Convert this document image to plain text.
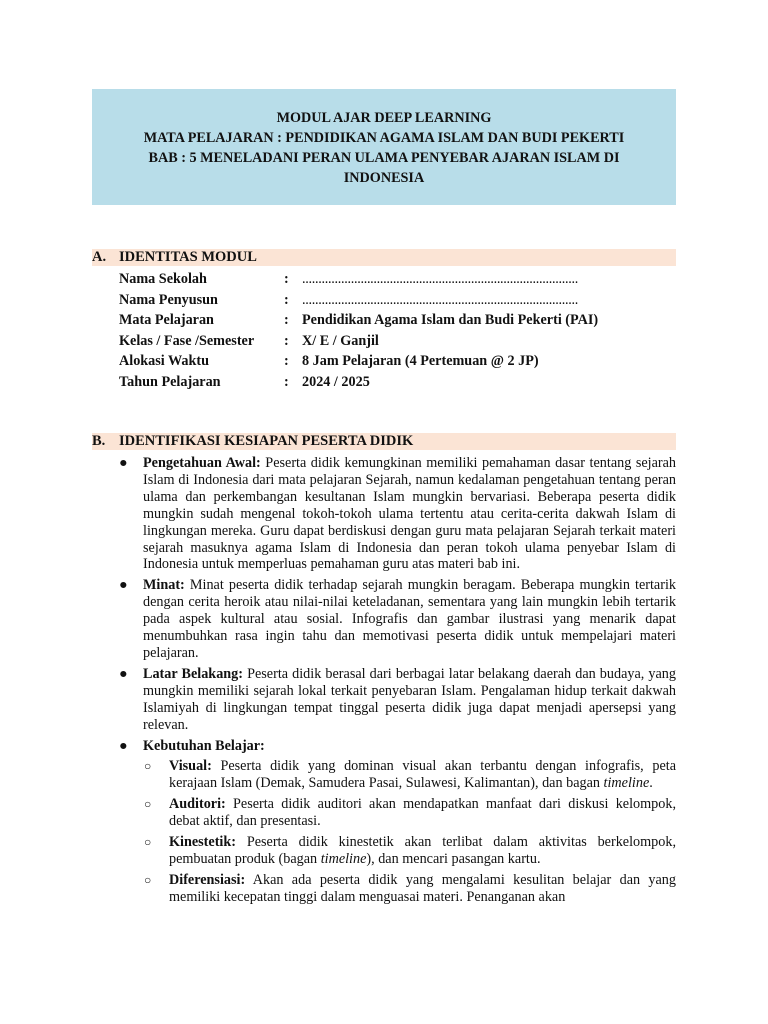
MODUL AJAR DEEP LEARNING
MATA PELAJARAN : PENDIDIKAN AGAMA ISLAM DAN BUDI PEKERTI
BAB : 5 MENELADANI PERAN ULAMA PENYEBAR AJARAN ISLAM DI INDONESIA
A. IDENTITAS MODUL
Nama Sekolah	: .....................................................................................
Nama Penyusun	: .....................................................................................
Mata Pelajaran	: Pendidikan Agama Islam dan Budi Pekerti (PAI)
Kelas / Fase /Semester : X/ E / Ganjil
Alokasi Waktu	: 8 Jam Pelajaran (4 Pertemuan @ 2 JP)
Tahun Pelajaran	: 2024 / 2025
B. IDENTIFIKASI KESIAPAN PESERTA DIDIK
● Pengetahuan Awal: Peserta didik kemungkinan memiliki pemahaman dasar tentang sejarah Islam di Indonesia dari mata pelajaran Sejarah, namun kedalaman pengetahuan tentang peran ulama dan perkembangan kesultanan Islam mungkin bervariasi. Beberapa peserta didik mungkin sudah mengenal tokoh-tokoh ulama tertentu atau cerita-cerita dakwah Islam di lingkungan mereka. Guru dapat berdiskusi dengan guru mata pelajaran Sejarah terkait materi sejarah masuknya agama Islam di Indonesia dan peran tokoh ulama penyebar Islam di Indonesia untuk memperluas pemahaman guru atas materi bab ini.
● Minat: Minat peserta didik terhadap sejarah mungkin beragam. Beberapa mungkin tertarik dengan cerita heroik atau nilai-nilai keteladanan, sementara yang lain mungkin lebih tertarik pada aspek kultural atau sosial. Infografis dan gambar ilustrasi yang menarik dapat menumbuhkan rasa ingin tahu dan memotivasi peserta didik untuk mempelajari materi pelajaran.
● Latar Belakang: Peserta didik berasal dari berbagai latar belakang daerah dan budaya, yang mungkin memiliki sejarah lokal terkait penyebaran Islam. Pengalaman hidup terkait dakwah Islamiyah di lingkungan tempat tinggal peserta didik juga dapat menjadi apersepsi yang relevan.
● Kebutuhan Belajar:
○ Visual: Peserta didik yang dominan visual akan terbantu dengan infografis, peta kerajaan Islam (Demak, Samudera Pasai, Sulawesi, Kalimantan), dan bagan timeline.
○ Auditori: Peserta didik auditori akan mendapatkan manfaat dari diskusi kelompok, debat aktif, dan presentasi.
○ Kinestetik: Peserta didik kinestetik akan terlibat dalam aktivitas berkelompok, pembuatan produk (bagan timeline), dan mencari pasangan kartu.
○ Diferensiasi: Akan ada peserta didik yang mengalami kesulitan belajar dan yang memiliki kecepatan tinggi dalam menguasai materi. Penanganan akan
